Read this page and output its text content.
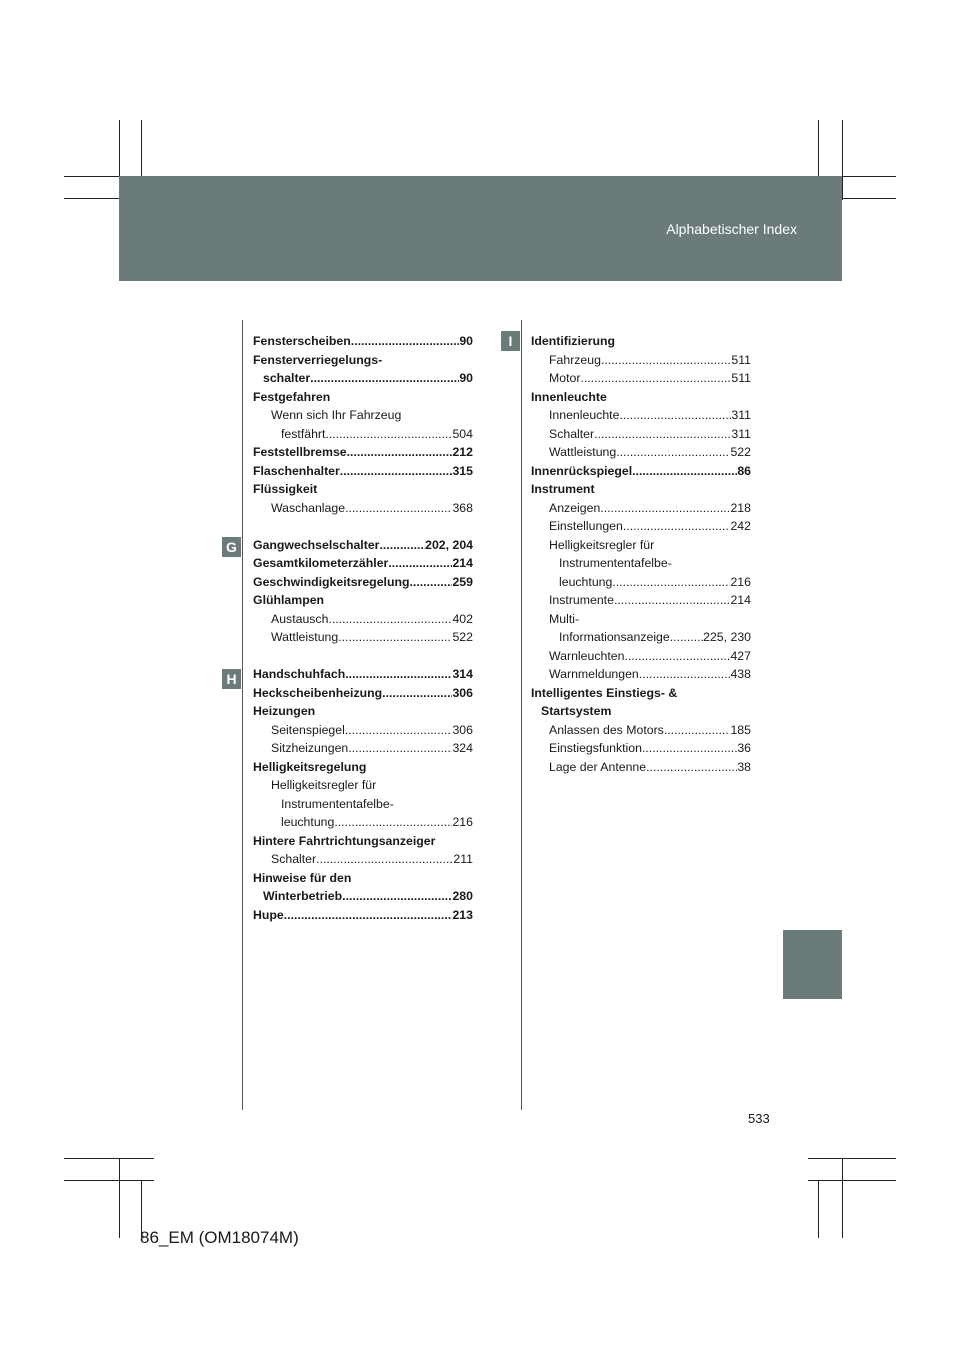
Alphabetischer Index
G
H
I
Fensterscheiben .....	90
Fensterverriegelungs-
schalter .....	90
Festgefahren
Wenn sich Ihr Fahrzeug
festfährt .....	504
Feststellbremse .....	212
Flaschenhalter .....	315
Flüssigkeit
Waschanlage .....	368
Gangwechselschalter .....	202, 204
Gesamtkilometerzähler .....	214
Geschwindigkeitsregelung .....	259
Glühlampen
Austausch .....	402
Wattleistung .....	522
Handschuhfach .....	314
Heckscheibenheizung .....	306
Heizungen
Seitenspiegel .....	306
Sitzheizungen .....	324
Helligkeitsregelung
Helligkeitsregler für
Instrumententafelbe-
leuchtung .....	216
Hintere Fahrtrichtungsanzeiger
Schalter .....	211
Hinweise für den
Winterbetrieb .....	280
Hupe .....	213
Identifizierung
Fahrzeug .....	511
Motor .....	511
Innenleuchte
Innenleuchte .....	311
Schalter .....	311
Wattleistung .....	522
Innenrückspiegel .....	86
Instrument
Anzeigen .....	218
Einstellungen .....	242
Helligkeitsregler für
Instrumententafelbe-
leuchtung .....	216
Instrumente .....	214
Multi-
Informationsanzeige .....	225, 230
Warnleuchten .....	427
Warnmeldungen .....	438
Intelligentes Einstiegs- &
Startsystem
Anlassen des Motors .....	185
Einstiegsfunktion .....	36
Lage der Antenne .....	38
533
86_EM (OM18074M)
